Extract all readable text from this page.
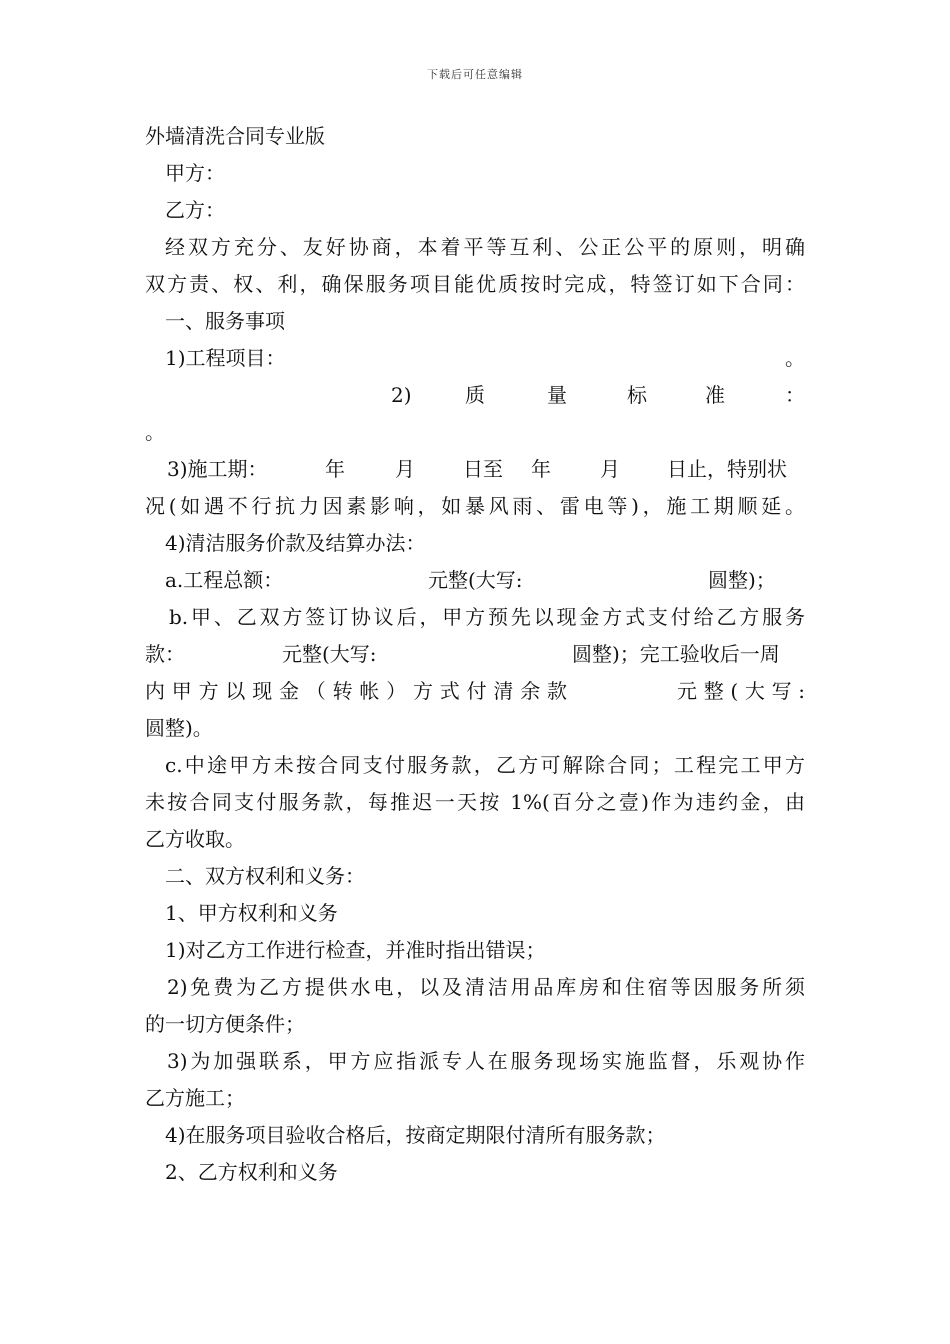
下载后可任意编辑
外墙清洗合同专业版
甲方：
乙方：
经双方充分、友好协商，本着平等互利、公正公平的原则，明确
双方责、权、利，确保服务项目能优质按时完成，特签订如下合同：
一、服务事项
1)工程项目：	。
2)	质	量	标	准	：
。
3)施工期：	年	月 日至 年 月 日止，特别状
况(如遇不行抗力因素影响，如暴风雨、雷电等)，施工期顺延。
4)清洁服务价款及结算办法：
a.工程总额：	元整(大写:	圆整)；
b.甲、乙双方签订协议后，甲方预先以现金方式支付给乙方服务
款：	元整(大写:	圆整)；完工验收后一周
内甲方以现金（转帐）方式付清余款	元整(大写:
圆整)。
c.中途甲方未按合同支付服务款，乙方可解除合同；工程完工甲方
未按合同支付服务款，每推迟一天按 1%(百分之壹)作为违约金，由
乙方收取。
二、双方权利和义务：
1、甲方权利和义务
1)对乙方工作进行检查，并准时指出错误；
2)免费为乙方提供水电，以及清洁用品库房和住宿等因服务所须
的一切方便条件；
3)为加强联系，甲方应指派专人在服务现场实施监督，乐观协作
乙方施工；
4)在服务项目验收合格后，按商定期限付清所有服务款；
2、乙方权利和义务
